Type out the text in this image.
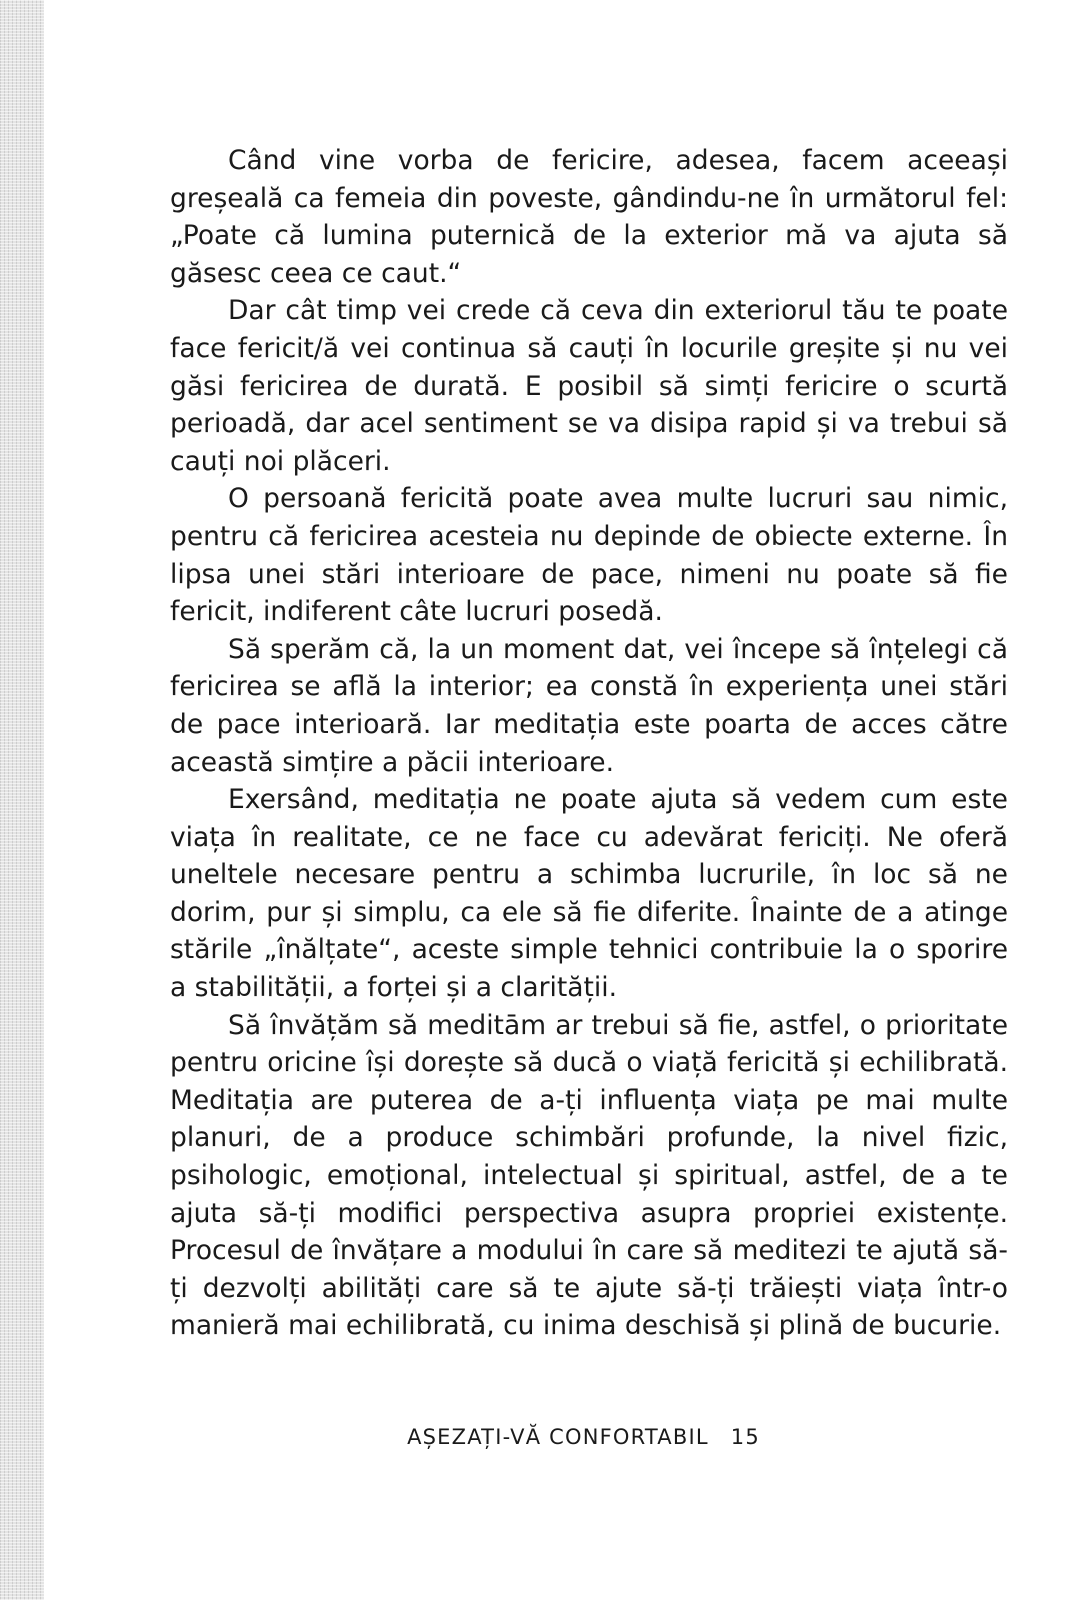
Când vine vorba de fericire, adesea, facem aceeași greșeală ca femeia din poveste, gândindu-ne în următorul fel: „Poate că lumina puternică de la exterior mă va ajuta să găsesc ceea ce caut.“

Dar cât timp vei crede că ceva din exteriorul tău te poate face fericit/ă vei continua să cauți în locurile greșite și nu vei găsi fericirea de durată. E posibil să simți fericire o scurtă perioadă, dar acel sentiment se va disipa rapid și va trebui să cauți noi plăceri.

O persoană fericită poate avea multe lucruri sau nimic, pentru că fericirea acesteia nu depinde de obiecte externe. În lipsa unei stări interioare de pace, nimeni nu poate să fie fericit, indiferent câte lucruri posedă.

Să sperăm că, la un moment dat, vei începe să înțelegi că fericirea se află la interior; ea constă în experiența unei stări de pace interioară. Iar meditația este poarta de acces către această simțire a păcii interioare.

Exersând, meditația ne poate ajuta să vedem cum este viața în realitate, ce ne face cu adevărat fericiți. Ne oferă uneltele necesare pentru a schimba lucrurile, în loc să ne dorim, pur și simplu, ca ele să fie diferite. Înainte de a atinge stările „înălțate“, aceste simple tehnici contribuie la o sporire a stabilității, a forței și a clarității.

Să învățăm să meditām ar trebui să fie, astfel, o prioritate pentru oricine își dorește să ducă o viață fericită și echilibrată. Meditația are puterea de a-ți influența viața pe mai multe planuri, de a produce schimbări profunde, la nivel fizic, psihologic, emoțional, intelectual și spiritual, astfel, de a te ajuta să-ți modifici perspectiva asupra propriei existențe. Procesul de învățare a modului în care să meditezi te ajută să-ți dezvolți abilități care să te ajute să-ți trăiești viața într-o manieră mai echilibrată, cu inima deschisă și plină de bucurie.

AȘEZAȚI-VĂ CONFORTABIL 15
